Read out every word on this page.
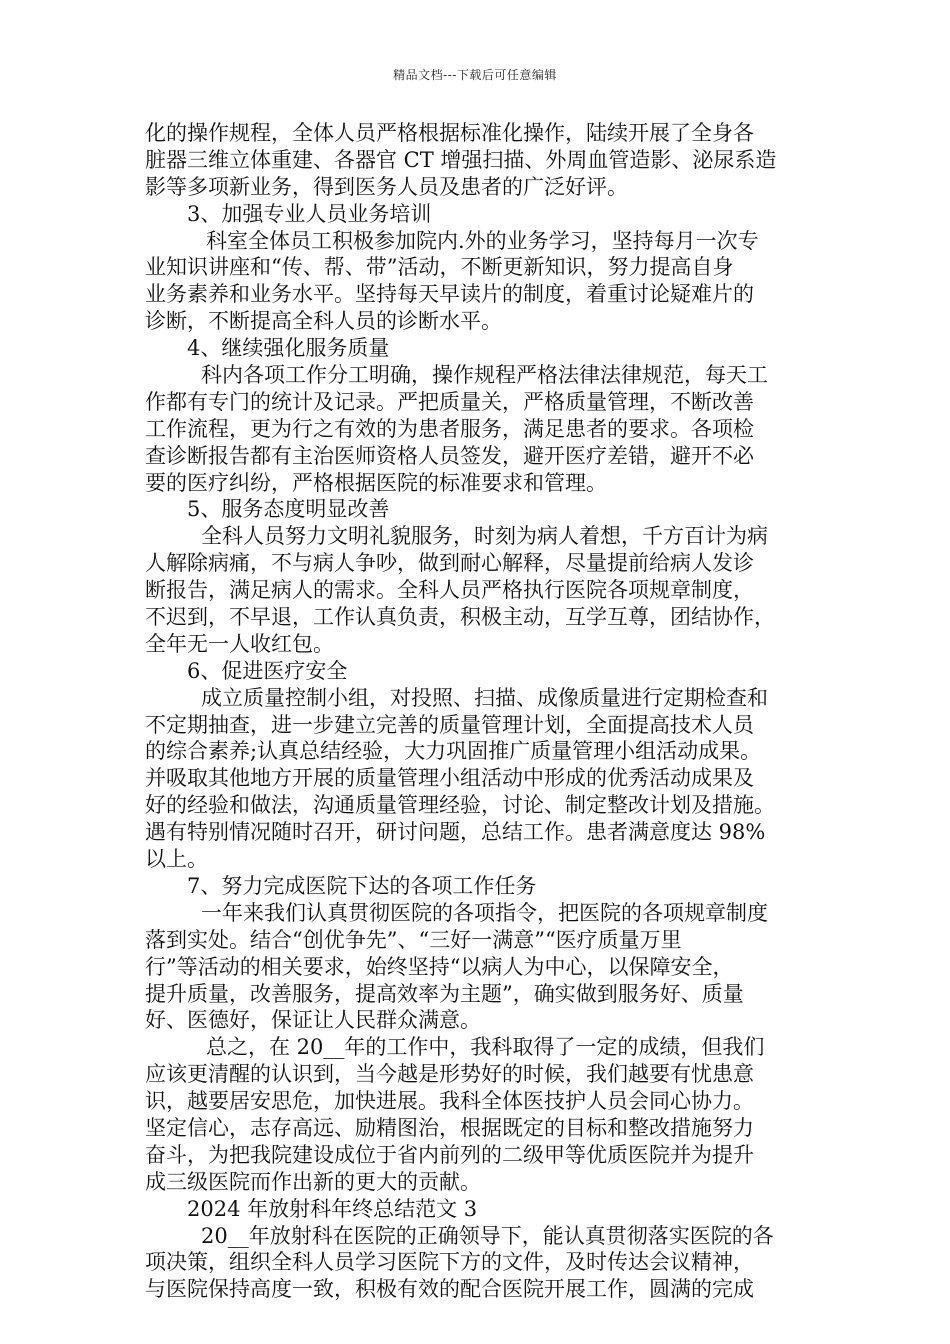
精品文档---下载后可任意编辑
化的操作规程，全体人员严格根据标准化操作，陆续开展了全身各
脏器三维立体重建、各器官 CT 增强扫描、外周血管造影、泌尿系造
影等多项新业务，得到医务人员及患者的广泛好评。
3、加强专业人员业务培训
科室全体员工积极参加院内.外的业务学习，坚持每月一次专
业知识讲座和“传、帮、带”活动，不断更新知识，努力提高自身
业务素养和业务水平。坚持每天早读片的制度，着重讨论疑难片的
诊断，不断提高全科人员的诊断水平。
4、继续强化服务质量
科内各项工作分工明确，操作规程严格法律法律规范，每天工
作都有专门的统计及记录。严把质量关，严格质量管理，不断改善
工作流程，更为行之有效的为患者服务，满足患者的要求。各项检
查诊断报告都有主治医师资格人员签发，避开医疗差错，避开不必
要的医疗纠纷，严格根据医院的标准要求和管理。
5、服务态度明显改善
全科人员努力文明礼貌服务，时刻为病人着想，千方百计为病
人解除病痛，不与病人争吵，做到耐心解释，尽量提前给病人发诊
断报告，满足病人的需求。全科人员严格执行医院各项规章制度，
不迟到，不早退，工作认真负责，积极主动，互学互尊，团结协作，
全年无一人收红包。
6、促进医疗安全
成立质量控制小组，对投照、扫描、成像质量进行定期检查和
不定期抽查，进一步建立完善的质量管理计划，全面提高技术人员
的综合素养;认真总结经验，大力巩固推广质量管理小组活动成果。
并吸取其他地方开展的质量管理小组活动中形成的优秀活动成果及
好的经验和做法，沟通质量管理经验，讨论、制定整改计划及措施。
遇有特别情况随时召开，研讨问题，总结工作。患者满意度达 98%
以上。
7、努力完成医院下达的各项工作任务
一年来我们认真贯彻医院的各项指令，把医院的各项规章制度
落到实处。结合“创优争先”、“三好一满意”“医疗质量万里
行”等活动的相关要求，始终坚持“以病人为中心，以保障安全，
提升质量，改善服务，提高效率为主题”，确实做到服务好、质量
好、医德好，保证让人民群众满意。
总之，在 20__年的工作中，我科取得了一定的成绩，但我们
应该更清醒的认识到，当今越是形势好的时候，我们越要有忧患意
识，越要居安思危，加快进展。我科全体医技护人员会同心协力。
坚定信心，志存高远、励精图治，根据既定的目标和整改措施努力
奋斗，为把我院建设成位于省内前列的二级甲等优质医院并为提升
成三级医院而作出新的更大的贡献。
2024 年放射科年终总结范文 3
20__年放射科在医院的正确领导下，能认真贯彻落实医院的各
项决策，组织全科人员学习医院下方的文件，及时传达会议精神，
与医院保持高度一致，积极有效的配合医院开展工作，圆满的完成
